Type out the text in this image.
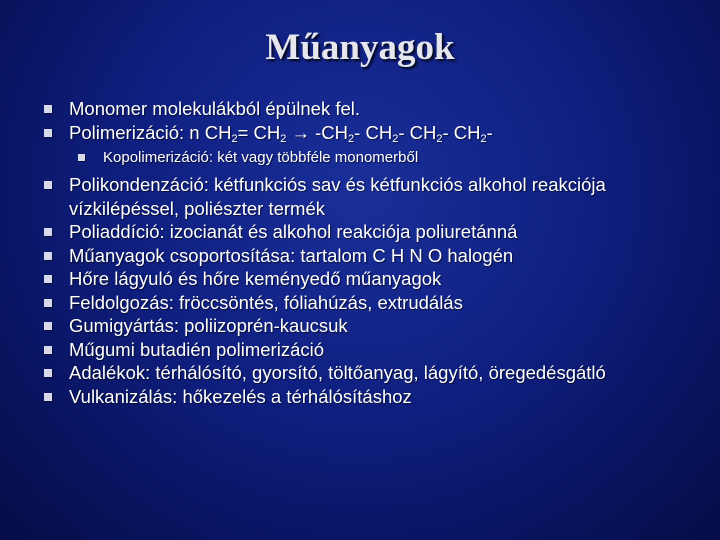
Műanyagok
Monomer molekulákból épülnek fel.
Polimerizáció: n $CH_2= CH_2 \to -CH_2-$ $CH_2-$ $CH_2-$ $CH_2-$
Kopolimerizáció: két vagy többféle monomerből
Polikondenzáció: kétfunkciós sav és kétfunkciós alkohol reakciója vízkilépéssel, poliészter termék
Poliaddíció: izocianát és alkohol reakciója poliuretánná
Műanyagok csoportosítása: tartalom C H N O halogén
Hőre lágyuló és hőre keményedő műanyagok
Feldolgozás: fröccsöntés, fóliahúzás, extrudálás
Gumigyártás: poliizoprén-kaucsuk
Műgumi butadién polimerizáció
Adalékok: térhálósító, gyorsító, töltőanyag, lágyító, öregedésgátló
Vulkanizálás: hőkezelés a térhálósításhoz
